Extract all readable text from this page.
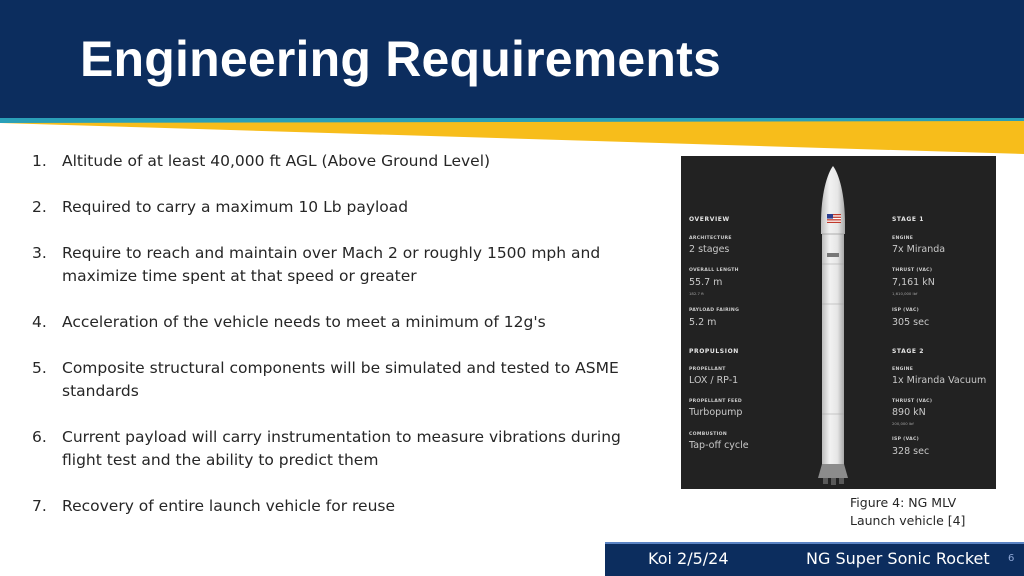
Engineering Requirements
1. Altitude of at least 40,000 ft AGL (Above Ground Level)
2. Required to carry a maximum 10 Lb payload
3. Require to reach and maintain over Mach 2 or roughly 1500 mph and maximize time spent at that speed or greater
4. Acceleration of the vehicle needs to meet a minimum of 12g's
5. Composite structural components will be simulated and tested to ASME standards
6. Current payload will carry instrumentation to measure vibrations during flight test and the ability to predict them
7. Recovery of entire launch vehicle for reuse
OVERVIEW
ARCHITECTURE
2 stages
OVERALL LENGTH
55.7 m
182.7 ft
PAYLOAD FAIRING
5.2 m
PROPULSION
PROPELLANT
LOX / RP-1
PROPELLANT FEED
Turbopump
COMBUSTION
Tap-off cycle
STAGE 1
ENGINE
7x Miranda
THRUST (VAC)
7,161 kN
1,610,000 lbf
ISP (VAC)
305 sec
STAGE 2
ENGINE
1x Miranda Vacuum
THRUST (VAC)
890 kN
200,000 lbf
ISP (VAC)
328 sec
Figure 4: NG MLV
Launch vehicle [4]
Koi 2/5/24	NG Super Sonic Rocket 6
